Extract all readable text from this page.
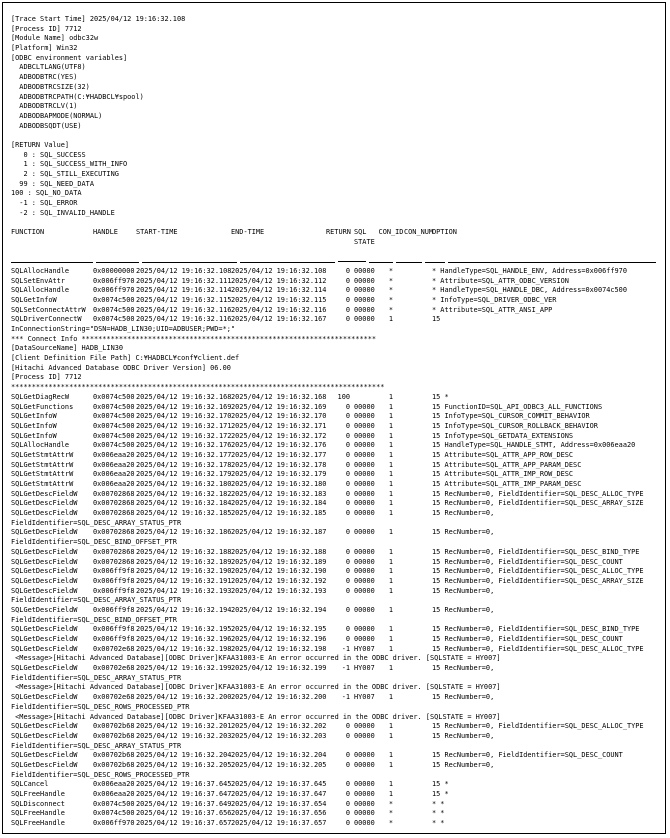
[Trace Start Time] 2025/04/12 19:16:32.108
[Process ID] 7712
[Module Name] odbc32w
[Platform] Win32
[ODBC environment variables]
ADBCLTLANG(UTF8)
ADBODBTRC(YES)
ADBODBTRCSIZE(32)
ADBODBTRCPATH(C:¥HADBCL¥spool)
ADBODBTRCLV(1)
ADBODBAPMODE(NORMAL)
ADBODBSQDT(USE)
[RETURN Value]
0 : SQL_SUCCESS
1 : SQL_SUCCESS_WITH_INFO
2 : SQL_STILL_EXECUTING
99 : SQL_NEED_DATA
100 : SQL_NO_DATA
-1 : SQL_ERROR
-2 : SQL_INVALID_HANDLE
FUNCTION	HANDLE	START-TIME	END-TIME	RETURN SQL	CON_ID CON_NUM
OPTION
STATE
SQLAllocHandle	0x00000000 2025/04/12 19:16:32.108 2025/04/12 19:16:32.108	0 00000	*	* HandleType=SQL_HANDLE_ENV, Address=0x006ff970
SQLSetEnvAttr	0x006ff970 2025/04/12 19:16:32.111 2025/04/12 19:16:32.112	0 00000	*	* Attribute=SQL_ATTR_ODBC_VERSION
SQLAllocHandle	0x006ff970 2025/04/12 19:16:32.114 2025/04/12 19:16:32.114	0 00000	*	* HandleType=SQL_HANDLE_DBC, Address=0x0074c500
SQLGetInfoW	0x0074c500 2025/04/12 19:16:32.115 2025/04/12 19:16:32.115	0 00000	*	* InfoType=SQL_DRIVER_ODBC_VER
SQLSetConnectAttrW	0x0074c500 2025/04/12 19:16:32.116 2025/04/12 19:16:32.116	0 00000	*	* Attribute=SQL_ATTR_ANSI_APP
SQLDriverConnectW	0x0074c500 2025/04/12 19:16:32.116 2025/04/12 19:16:32.167	0 00000	1	15
InConnectionString="DSN=HADB_LIN30;UID=ADBUSER;PWD=*;"
*** Connect Info ***********************************************************************
[DataSourceName] HADB_LIN30
[Client Definition File Path] C:¥HADBCL¥conf¥client.def
[Hitachi Advanced Database ODBC Driver Version] 06.00
[Process ID] 7712
******************************************************************************************
SQLGetDiagRecW	0x0074c500 2025/04/12 19:16:32.168 2025/04/12 19:16:32.168	100	1	15 *
SQLGetFunctions	0x0074c500 2025/04/12 19:16:32.169 2025/04/12 19:16:32.169	0 00000	1	15 FunctionID=SQL_API_ODBC3_ALL_FUNCTIONS
SQLGetInfoW	0x0074c500 2025/04/12 19:16:32.170 2025/04/12 19:16:32.170	0 00000	1	15 InfoType=SQL_CURSOR_COMMIT_BEHAVIOR
SQLGetInfoW	0x0074c500 2025/04/12 19:16:32.171 2025/04/12 19:16:32.171	0 00000	1	15 InfoType=SQL_CURSOR_ROLLBACK_BEHAVIOR
SQLGetInfoW	0x0074c500 2025/04/12 19:16:32.172 2025/04/12 19:16:32.172	0 00000	1	15 InfoType=SQL_GETDATA_EXTENSIONS
SQLAllocHandle	0x0074c500 2025/04/12 19:16:32.176 2025/04/12 19:16:32.176	0 00000	1	15 HandleType=SQL_HANDLE_STMT, Address=0x006eaa20
SQLGetStmtAttrW	0x006eaa20 2025/04/12 19:16:32.177 2025/04/12 19:16:32.177	0 00000	1	15 Attribute=SQL_ATTR_APP_ROW_DESC
SQLGetStmtAttrW	0x006eaa20 2025/04/12 19:16:32.178 2025/04/12 19:16:32.178	0 00000	1	15 Attribute=SQL_ATTR_APP_PARAM_DESC
SQLGetStmtAttrW	0x006eaa20 2025/04/12 19:16:32.179 2025/04/12 19:16:32.179	0 00000	1	15 Attribute=SQL_ATTR_IMP_ROW_DESC
SQLGetStmtAttrW	0x006eaa20 2025/04/12 19:16:32.180 2025/04/12 19:16:32.180	0 00000	1	15 Attribute=SQL_ATTR_IMP_PARAM_DESC
SQLGetDescFieldW	0x00702868 2025/04/12 19:16:32.182 2025/04/12 19:16:32.183	0 00000	1	15 RecNumber=0, FieldIdentifier=SQL_DESC_ALLOC_TYPE
SQLGetDescFieldW	0x00702868 2025/04/12 19:16:32.184 2025/04/12 19:16:32.184	0 00000	1	15 RecNumber=0, FieldIdentifier=SQL_DESC_ARRAY_SIZE
SQLGetDescFieldW	0x00702868 2025/04/12 19:16:32.185 2025/04/12 19:16:32.185	0 00000	1	15 RecNumber=0,
FieldIdentifier=SQL_DESC_ARRAY_STATUS_PTR
SQLGetDescFieldW	0x00702868 2025/04/12 19:16:32.186 2025/04/12 19:16:32.187	0 00000	1	15 RecNumber=0,
FieldIdentifier=SQL_DESC_BIND_OFFSET_PTR
SQLGetDescFieldW	0x00702868 2025/04/12 19:16:32.188 2025/04/12 19:16:32.188	0 00000	1	15 RecNumber=0, FieldIdentifier=SQL_DESC_BIND_TYPE
SQLGetDescFieldW	0x00702868 2025/04/12 19:16:32.189 2025/04/12 19:16:32.189	0 00000	1	15 RecNumber=0, FieldIdentifier=SQL_DESC_COUNT
SQLGetDescFieldW	0x006ff9f8 2025/04/12 19:16:32.190 2025/04/12 19:16:32.190	0 00000	1	15 RecNumber=0, FieldIdentifier=SQL_DESC_ALLOC_TYPE
SQLGetDescFieldW	0x006ff9f8 2025/04/12 19:16:32.191 2025/04/12 19:16:32.192	0 00000	1	15 RecNumber=0, FieldIdentifier=SQL_DESC_ARRAY_SIZE
SQLGetDescFieldW	0x006ff9f8 2025/04/12 19:16:32.193 2025/04/12 19:16:32.193	0 00000	1	15 RecNumber=0,
FieldIdentifier=SQL_DESC_ARRAY_STATUS_PTR
SQLGetDescFieldW	0x006ff9f8 2025/04/12 19:16:32.194 2025/04/12 19:16:32.194	0 00000	1	15 RecNumber=0,
FieldIdentifier=SQL_DESC_BIND_OFFSET_PTR
SQLGetDescFieldW	0x006ff9f8 2025/04/12 19:16:32.195 2025/04/12 19:16:32.195	0 00000	1	15 RecNumber=0, FieldIdentifier=SQL_DESC_BIND_TYPE
SQLGetDescFieldW	0x006ff9f8 2025/04/12 19:16:32.196 2025/04/12 19:16:32.196	0 00000	1	15 RecNumber=0, FieldIdentifier=SQL_DESC_COUNT
SQLGetDescFieldW	0x00702e68 2025/04/12 19:16:32.198 2025/04/12 19:16:32.198	-1 HY007	1	15 RecNumber=0, FieldIdentifier=SQL_DESC_ALLOC_TYPE
<Message>[Hitachi Advanced Database][ODBC Driver]KFAA31003-E An error occurred in the ODBC driver. [SQLSTATE = HY007]
SQLGetDescFieldW	0x00702e68 2025/04/12 19:16:32.199 2025/04/12 19:16:32.199	-1 HY007	1	15 RecNumber=0,
FieldIdentifier=SQL_DESC_ARRAY_STATUS_PTR
<Message>[Hitachi Advanced Database][ODBC Driver]KFAA31003-E An error occurred in the ODBC driver. [SQLSTATE = HY007]
SQLGetDescFieldW	0x00702e68 2025/04/12 19:16:32.200 2025/04/12 19:16:32.200	-1 HY007	1	15 RecNumber=0,
FieldIdentifier=SQL_DESC_ROWS_PROCESSED_PTR
<Message>[Hitachi Advanced Database][ODBC Driver]KFAA31003-E An error occurred in the ODBC driver. [SQLSTATE = HY007]
SQLGetDescFieldW	0x00702b68 2025/04/12 19:16:32.201 2025/04/12 19:16:32.202	0 00000	1	15 RecNumber=0, FieldIdentifier=SQL_DESC_ALLOC_TYPE
SQLGetDescFieldW	0x00702b68 2025/04/12 19:16:32.203 2025/04/12 19:16:32.203	0 00000	1	15 RecNumber=0,
FieldIdentifier=SQL_DESC_ARRAY_STATUS_PTR
SQLGetDescFieldW	0x00702b68 2025/04/12 19:16:32.204 2025/04/12 19:16:32.204	0 00000	1	15 RecNumber=0, FieldIdentifier=SQL_DESC_COUNT
SQLGetDescFieldW	0x00702b68 2025/04/12 19:16:32.205 2025/04/12 19:16:32.205	0 00000	1	15 RecNumber=0,
FieldIdentifier=SQL_DESC_ROWS_PROCESSED_PTR
SQLCancel	0x006eaa20 2025/04/12 19:16:37.645 2025/04/12 19:16:37.645	0 00000	1	15 *
SQLFreeHandle	0x006eaa20 2025/04/12 19:16:37.647 2025/04/12 19:16:37.647	0 00000	1	15 *
SQLDisconnect	0x0074c500 2025/04/12 19:16:37.649 2025/04/12 19:16:37.654	0 00000	*	* *
SQLFreeHandle	0x0074c500 2025/04/12 19:16:37.656 2025/04/12 19:16:37.656	0 00000	*	* *
SQLFreeHandle	0x006ff970 2025/04/12 19:16:37.657 2025/04/12 19:16:37.657	0 00000	*	* *
